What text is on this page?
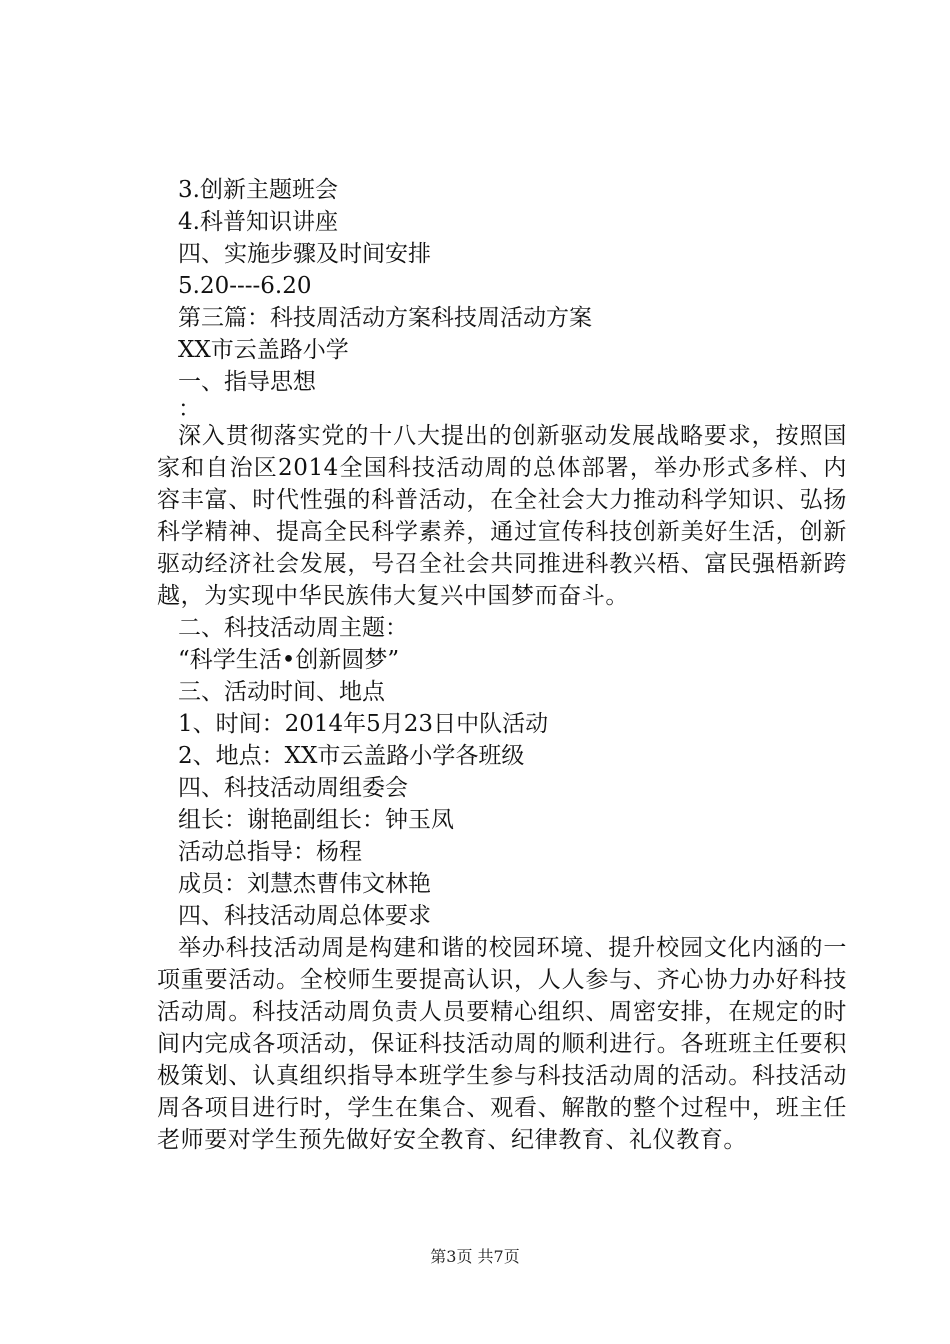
3.创新主题班会
4.科普知识讲座
四、实施步骤及时间安排
5.20----6.20
第三篇：科技周活动方案科技周活动方案
XX市云盖路小学
一、指导思想
：

深入贯彻落实党的十八大提出的创新驱动发展战略要求，按照国家和自治区2014全国科技活动周的总体部署，举办形式多样、内容丰富、时代性强的科普活动，在全社会大力推动科学知识、弘扬科学精神、提高全民科学素养，通过宣传科技创新美好生活，创新驱动经济社会发展，号召全社会共同推进科教兴梧、富民强梧新跨越，为实现中华民族伟大复兴中国梦而奋斗。

二、科技活动周主题：
“科学生活•创新圆梦”
三、活动时间、地点
1、时间：2014年5月23日中队活动
2、地点：XX市云盖路小学各班级
四、科技活动周组委会
组长：谢艳副组长：钟玉凤
活动总指导：杨程
成员：刘慧杰曹伟文林艳
四、科技活动周总体要求

举办科技活动周是构建和谐的校园环境、提升校园文化内涵的一项重要活动。全校师生要提高认识，人人参与、齐心协力办好科技活动周。科技活动周负责人员要精心组织、周密安排，在规定的时间内完成各项活动，保证科技活动周的顺利进行。各班班主任要积极策划、认真组织指导本班学生参与科技活动周的活动。科技活动周各项目进行时，学生在集合、观看、解散的整个过程中，班主任老师要对学生预先做好安全教育、纪律教育、礼仪教育。

第3页 共7页
